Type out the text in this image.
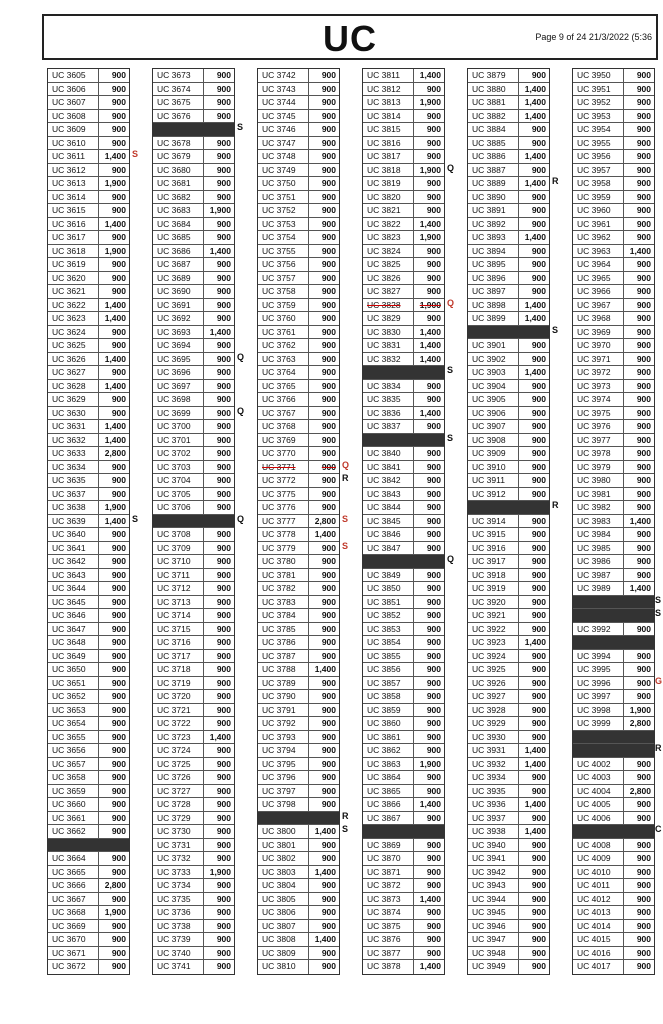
UC	Page 9 of 24 21/3/2022 (5:36
UC 3605	900
UC 3606	900
UC 3607	900
UC 3608	900
UC 3609	900
UC 3610	900
UC 3611	1,400
UC 3612	900
UC 3613	1,900
UC 3614	900
UC 3615	900
UC 3616	1,400
UC 3617	900
UC 3618	1,900
UC 3619	900
UC 3620	900
UC 3621	900
UC 3622	1,400
UC 3623	1,400
UC 3624	900
UC 3625	900
UC 3626	1,400
UC 3627	900
UC 3628	1,400
UC 3629	900
UC 3630	900
UC 3631	1,400
UC 3632	1,400
UC 3633	2,800
UC 3634	900
UC 3635	900
UC 3637	900
UC 3638	1,900
UC 3639	1,400
UC 3640	900
UC 3641	900
UC 3642	900
UC 3643	900
UC 3644	900
UC 3645	900
UC 3646	900
UC 3647	900
UC 3648	900
UC 3649	900
UC 3650	900
UC 3651	900
UC 3652	900
UC 3653	900
UC 3654	900
UC 3655	900
UC 3656	900
UC 3657	900
UC 3658	900
UC 3659	900
UC 3660	900
UC 3661	900
UC 3662	900
UC 3664	900
UC 3665	900
UC 3666	2,800
UC 3667	900
UC 3668	1,900
UC 3669	900
UC 3670	900
UC 3671	900
UC 3672	900
UC 3673	900
UC 3674	900
UC 3675	900
UC 3676	900
UC 3678	900
UC 3679	900
UC 3680	900
UC 3681	900
UC 3682	900
UC 3683	1,900
UC 3684	900
UC 3685	900
UC 3686	1,400
UC 3687	900
UC 3689	900
UC 3690	900
UC 3691	900
UC 3692	900
UC 3693	1,400
UC 3694	900
UC 3695	900
UC 3696	900
UC 3697	900
UC 3698	900
UC 3699	900
UC 3700	900
UC 3701	900
UC 3702	900
UC 3703	900
UC 3704	900
UC 3705	900
UC 3706	900
UC 3708	900
UC 3709	900
UC 3710	900
UC 3711	900
UC 3712	900
UC 3713	900
UC 3714	900
UC 3715	900
UC 3716	900
UC 3717	900
UC 3718	900
UC 3719	900
UC 3720	900
UC 3721	900
UC 3722	900
UC 3723	1,400
UC 3724	900
UC 3725	900
UC 3726	900
UC 3727	900
UC 3728	900
UC 3729	900
UC 3730	900
UC 3731	900
UC 3732	900
UC 3733	1,900
UC 3734	900
UC 3735	900
UC 3736	900
UC 3738	900
UC 3739	900
UC 3740	900
UC 3741	900
UC 3742	900
UC 3743	900
UC 3744	900
UC 3745	900
UC 3746	900
UC 3747	900
UC 3748	900
UC 3749	900
UC 3750	900
UC 3751	900
UC 3752	900
UC 3753	900
UC 3754	900
UC 3755	900
UC 3756	900
UC 3757	900
UC 3758	900
UC 3759	900
UC 3760	900
UC 3761	900
UC 3762	900
UC 3763	900
UC 3764	900
UC 3765	900
UC 3766	900
UC 3767	900
UC 3768	900
UC 3769	900
UC 3770	900
UC 3771	900
UC 3772	900
UC 3775	900
UC 3776	900
UC 3777	2,800
UC 3778	1,400
UC 3779	900
UC 3780	900
UC 3781	900
UC 3782	900
UC 3783	900
UC 3784	900
UC 3785	900
UC 3786	900
UC 3787	900
UC 3788	1,400
UC 3789	900
UC 3790	900
UC 3791	900
UC 3792	900
UC 3793	900
UC 3794	900
UC 3795	900
UC 3796	900
UC 3797	900
UC 3798	900
UC 3800	1,400
UC 3801	900
UC 3802	900
UC 3803	1,400
UC 3804	900
UC 3805	900
UC 3806	900
UC 3807	900
UC 3808	1,400
UC 3809	900
UC 3810	900
UC 3811	1,400
UC 3812	900
UC 3813	1,900
UC 3814	900
UC 3815	900
UC 3816	900
UC 3817	900
UC 3818	1,900
UC 3819	900
UC 3820	900
UC 3821	900
UC 3822	1,400
UC 3823	1,900
UC 3824	900
UC 3825	900
UC 3826	900
UC 3827	900
UC 3828	1,900
UC 3829	900
UC 3830	1,400
UC 3831	1,400
UC 3832	1,400
UC 3834	900
UC 3835	900
UC 3836	1,400
UC 3837	900
UC 3840	900
UC 3841	900
UC 3842	900
UC 3843	900
UC 3844	900
UC 3845	900
UC 3846	900
UC 3847	900
UC 3849	900
UC 3850	900
UC 3851	900
UC 3852	900
UC 3853	900
UC 3854	900
UC 3855	900
UC 3856	900
UC 3857	900
UC 3858	900
UC 3859	900
UC 3860	900
UC 3861	900
UC 3862	900
UC 3863	1,900
UC 3864	900
UC 3865	900
UC 3866	1,400
UC 3867	900
UC 3869	900
UC 3870	900
UC 3871	900
UC 3872	900
UC 3873	1,400
UC 3874	900
UC 3875	900
UC 3876	900
UC 3877	900
UC 3878	1,400
UC 3879	900
UC 3880	1,400
UC 3881	1,400
UC 3882	1,400
UC 3884	900
UC 3885	900
UC 3886	1,400
UC 3887	900
UC 3889	1,400
UC 3890	900
UC 3891	900
UC 3892	900
UC 3893	1,400
UC 3894	900
UC 3895	900
UC 3896	900
UC 3897	900
UC 3898	1,400
UC 3899	1,400
UC 3901	900
UC 3902	900
UC 3903	1,400
UC 3904	900
UC 3905	900
UC 3906	900
UC 3907	900
UC 3908	900
UC 3909	900
UC 3910	900
UC 3911	900
UC 3912	900
UC 3914	900
UC 3915	900
UC 3916	900
UC 3917	900
UC 3918	900
UC 3919	900
UC 3920	900
UC 3921	900
UC 3922	900
UC 3923	1,400
UC 3924	900
UC 3925	900
UC 3926	900
UC 3927	900
UC 3928	900
UC 3929	900
UC 3930	900
UC 3931	1,400
UC 3932	1,400
UC 3934	900
UC 3935	900
UC 3936	1,400
UC 3937	900
UC 3938	1,400
UC 3940	900
UC 3941	900
UC 3942	900
UC 3943	900
UC 3944	900
UC 3945	900
UC 3946	900
UC 3947	900
UC 3948	900
UC 3949	900
UC 3950	900
UC 3951	900
UC 3952	900
UC 3953	900
UC 3954	900
UC 3955	900
UC 3956	900
UC 3957	900
UC 3958	900
UC 3959	900
UC 3960	900
UC 3961	900
UC 3962	900
UC 3963	1,400
UC 3964	900
UC 3965	900
UC 3966	900
UC 3967	900
UC 3968	900
UC 3969	900
UC 3970	900
UC 3971	900
UC 3972	900
UC 3973	900
UC 3974	900
UC 3975	900
UC 3976	900
UC 3977	900
UC 3978	900
UC 3979	900
UC 3980	900
UC 3981	900
UC 3982	900
UC 3983	1,400
UC 3984	900
UC 3985	900
UC 3986	900
UC 3987	900
UC 3989	1,400
UC 3992	900
UC 3994	900
UC 3995	900
UC 3996	900
UC 3997	900
UC 3998	1,900
UC 3999	2,800
UC 4002	900
UC 4003	900
UC 4004	2,800
UC 4005	900
UC 4006	900
UC 4008	900
UC 4009	900
UC 4010	900
UC 4011	900
UC 4012	900
UC 4013	900
UC 4014	900
UC 4015	900
UC 4016	900
UC 4017	900
S
S
S
Q
Q
Q
Q
R
S
S
R
S
Q
Q
S
S
Q
R
S
R
S
S
G
R
C
